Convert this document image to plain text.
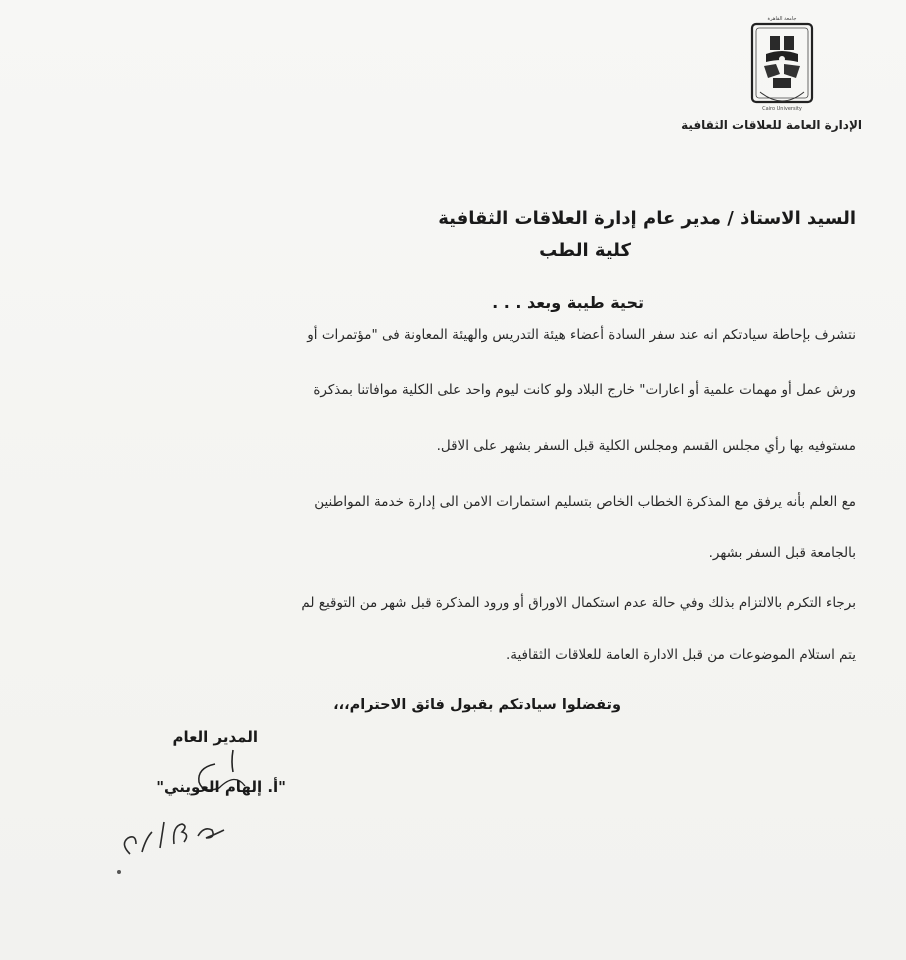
جامعة القاهرة
Cairo University
الإدارة العامة للعلاقات الثقافية
السيد الاستاذ / مدير عام إدارة العلاقات الثقافية
كلية الطب
تحية طيبة وبعد . . .
نتشرف بإحاطة سيادتكم انه عند سفر السادة أعضاء هيئة التدريس والهيئة المعاونة فى "مؤتمرات أو
ورش عمل أو مهمات علمية أو اعارات" خارج البلاد ولو كانت ليوم واحد على الكلية موافاتنا بمذكرة
مستوفيه بها رأي مجلس القسم ومجلس الكلية قبل السفر بشهر على الاقل.
مع العلم بأنه يرفق مع المذكرة الخطاب الخاص بتسليم استمارات الامن الى إدارة خدمة المواطنين
بالجامعة قبل السفر بشهر.
برجاء التكرم بالالتزام بذلك وفي حالة عدم استكمال الاوراق أو ورود المذكرة قبل شهر من التوقيع لم
يتم استلام الموضوعات من قبل الادارة العامة للعلاقات الثقافية.
وتفضلوا سيادتكم بقبول فائق الاحترام،،،
المدير العام
"أ. إلهام العويني"
